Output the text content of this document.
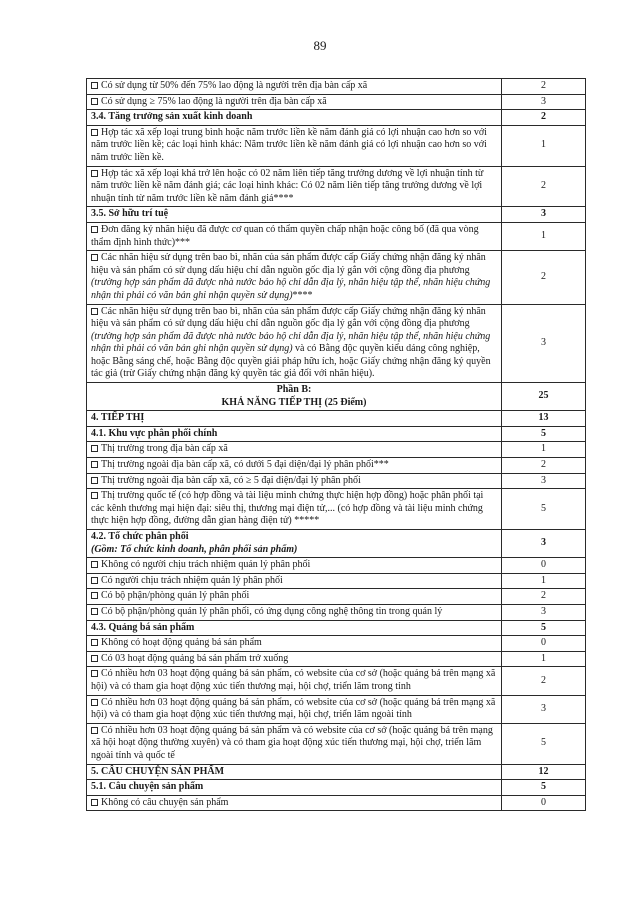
89
Có sử dụng từ 50% đến 75% lao động là người trên địa bàn cấp xã	2
Có sử dụng ≥ 75% lao động là người trên địa bàn cấp xã	3
3.4. Tăng trưởng sản xuất kinh doanh	2
Hợp tác xã xếp loại trung bình hoặc năm trước liền kề năm đánh giá có lợi nhuận cao hơn so với năm trước liền kề; các loại hình khác: Năm trước liền kề năm đánh giá có lợi nhuận cao hơn so với năm trước liền kề.	1
Hợp tác xã xếp loại khá trở lên hoặc có 02 năm liên tiếp tăng trưởng dương về lợi nhuận tính từ năm trước liền kề năm đánh giá; các loại hình khác: Có 02 năm liên tiếp tăng trưởng dương về lợi nhuận tính từ năm trước liền kề năm đánh giá****	2
3.5. Sở hữu trí tuệ	3
Đơn đăng ký nhãn hiệu đã được cơ quan có thẩm quyền chấp nhận hoặc công bố (đã qua vòng thẩm định hình thức)***	1
Các nhãn hiệu sử dụng trên bao bì, nhãn của sản phẩm được cấp Giấy chứng nhận đăng ký nhãn hiệu và sản phẩm có sử dụng dấu hiệu chỉ dẫn nguồn gốc địa lý gắn với cộng đồng địa phương (trường hợp sản phẩm đã được nhà nước bảo hộ chỉ dẫn địa lý, nhãn hiệu tập thể, nhãn hiệu chứng nhận thì phải có văn bản ghi nhận quyền sử dụng)****	2
Các nhãn hiệu sử dụng trên bao bì, nhãn của sản phẩm được cấp Giấy chứng nhận đăng ký nhãn hiệu và sản phẩm có sử dụng dấu hiệu chỉ dẫn nguồn gốc địa lý gắn với cộng đồng địa phương (trường hợp sản phẩm đã được nhà nước bảo hộ chỉ dẫn địa lý, nhãn hiệu tập thể, nhãn hiệu chứng nhận thì phải có văn bản ghi nhận quyền sử dụng) và có Bằng độc quyền kiểu dáng công nghiệp, hoặc Bằng sáng chế, hoặc Bằng độc quyền giải pháp hữu ích, hoặc Giấy chứng nhận đăng ký quyền tác giả (trừ Giấy chứng nhận đăng ký quyền tác giả đối với nhãn hiệu).	3
Phần B:
KHẢ NĂNG TIẾP THỊ (25 Điểm)	25
4. TIẾP THỊ	13
4.1. Khu vực phân phối chính	5
Thị trường trong địa bàn cấp xã	1
Thị trường ngoài địa bàn cấp xã, có dưới 5 đại diện/đại lý phân phối***	2
Thị trường ngoài địa bàn cấp xã, có ≥ 5 đại diện/đại lý phân phối	3
Thị trường quốc tế (có hợp đồng và tài liệu minh chứng thực hiện hợp đồng) hoặc phân phối tại các kênh thương mại hiện đại: siêu thị, thương mại điện tử,... (có hợp đồng và tài liệu minh chứng thực hiện hợp đồng, đường dẫn gian hàng điện tử) *****	5
4.2. Tổ chức phân phối
(Gồm: Tổ chức kinh doanh, phân phối sản phẩm)	3
Không có người chịu trách nhiệm quản lý phân phối	0
Có người chịu trách nhiệm quản lý phân phối	1
Có bộ phận/phòng quản lý phân phối	2
Có bộ phận/phòng quản lý phân phối, có ứng dụng công nghệ thông tin trong quản lý	3
4.3. Quảng bá sản phẩm	5
Không có hoạt động quảng bá sản phẩm	0
Có 03 hoạt động quảng bá sản phẩm trở xuống	1
Có nhiều hơn 03 hoạt động quảng bá sản phẩm, có website của cơ sở (hoặc quảng bá trên mạng xã hội) và có tham gia hoạt động xúc tiến thương mại, hội chợ, triển lãm trong tỉnh	2
Có nhiều hơn 03 hoạt động quảng bá sản phẩm, có website của cơ sở (hoặc quảng bá trên mạng xã hội) và có tham gia hoạt động xúc tiến thương mại, hội chợ, triển lãm ngoài tỉnh	3
Có nhiều hơn 03 hoạt động quảng bá sản phẩm và có website của cơ sở (hoặc quảng bá trên mạng xã hội hoạt động thường xuyên) và có tham gia hoạt động xúc tiến thương mại, hội chợ, triển lãm ngoài tỉnh và quốc tế	5
5. CÂU CHUYỆN SẢN PHẨM	12
5.1. Câu chuyện sản phẩm	5
Không có câu chuyện sản phẩm	0
